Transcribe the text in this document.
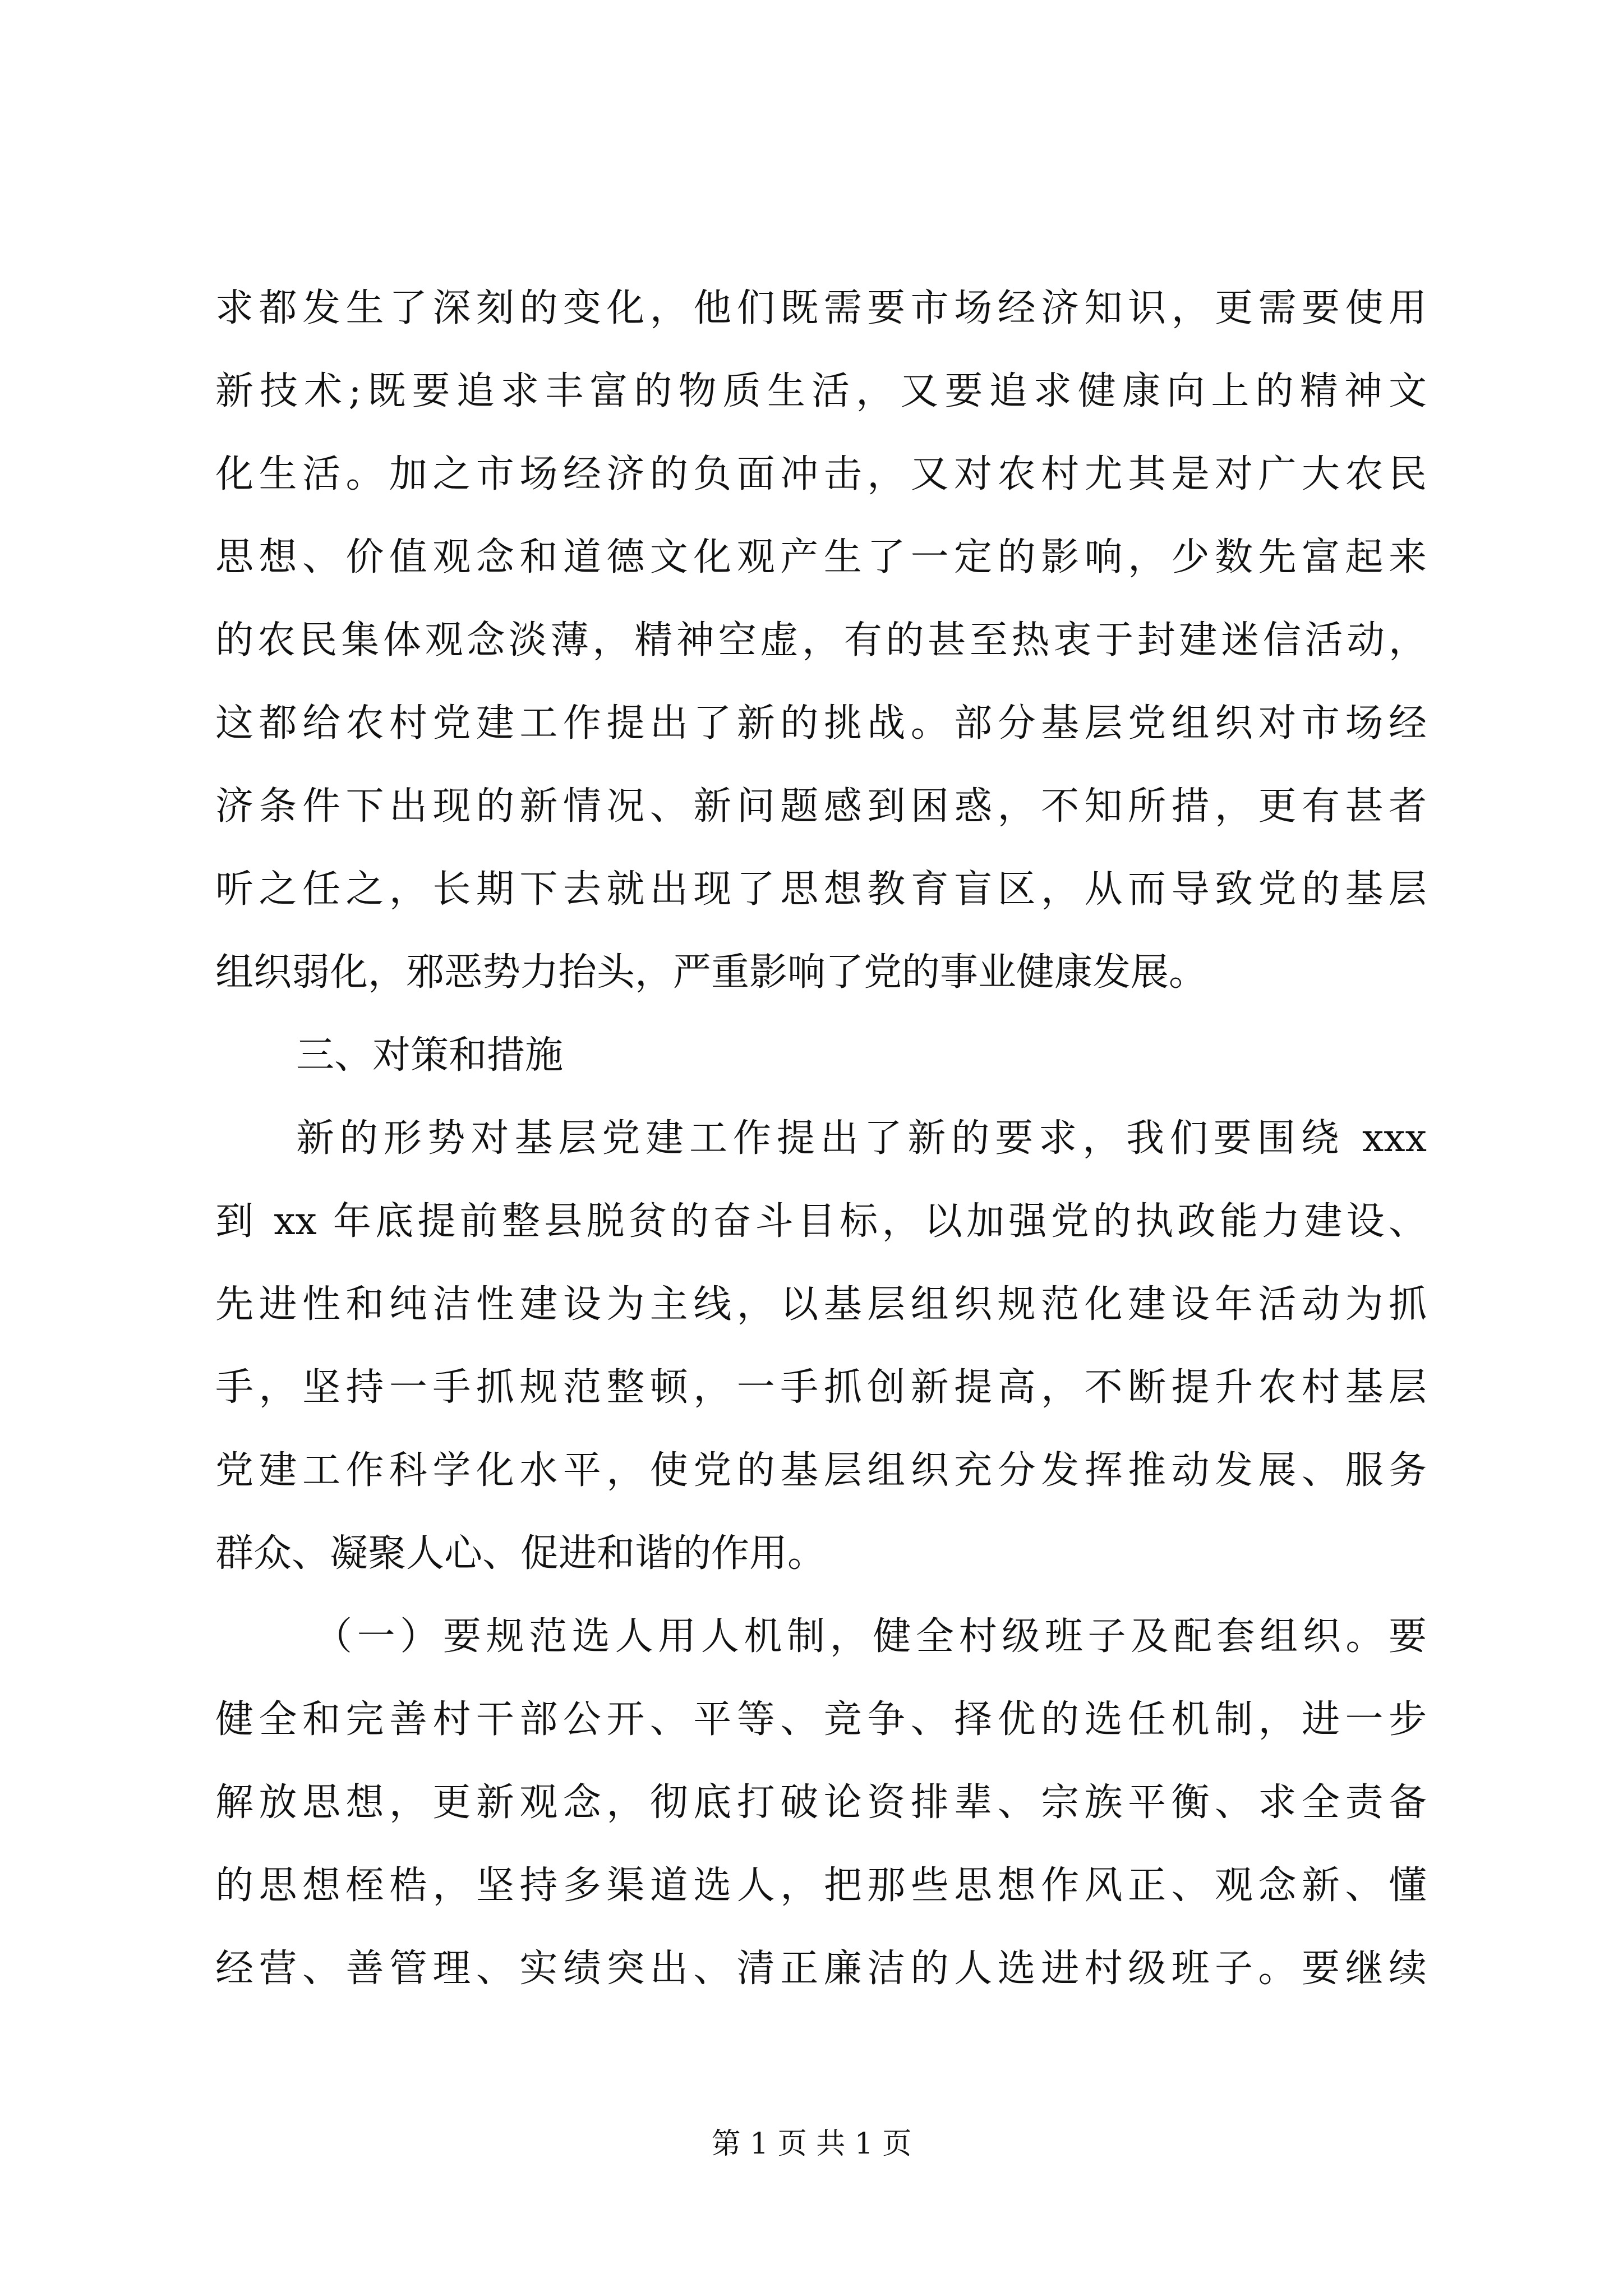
求都发生了深刻的变化，他们既需要市场经济知识，更需要使用
新技术;既要追求丰富的物质生活，又要追求健康向上的精神文
化生活。加之市场经济的负面冲击，又对农村尤其是对广大农民
思想、价值观念和道德文化观产生了一定的影响，少数先富起来
的农民集体观念淡薄，精神空虚，有的甚至热衷于封建迷信活动，
这都给农村党建工作提出了新的挑战。部分基层党组织对市场经
济条件下出现的新情况、新问题感到困惑，不知所措，更有甚者
听之任之，长期下去就出现了思想教育盲区，从而导致党的基层
组织弱化，邪恶势力抬头，严重影响了党的事业健康发展。
三、对策和措施
新的形势对基层党建工作提出了新的要求，我们要围绕 xxx
到 xx 年底提前整县脱贫的奋斗目标，以加强党的执政能力建设、
先进性和纯洁性建设为主线，以基层组织规范化建设年活动为抓
手，坚持一手抓规范整顿，一手抓创新提高，不断提升农村基层
党建工作科学化水平，使党的基层组织充分发挥推动发展、服务
群众、凝聚人心、促进和谐的作用。
（一）要规范选人用人机制，健全村级班子及配套组织。要
健全和完善村干部公开、平等、竞争、择优的选任机制，进一步
解放思想，更新观念，彻底打破论资排辈、宗族平衡、求全责备
的思想桎梏，坚持多渠道选人，把那些思想作风正、观念新、懂
经营、善管理、实绩突出、清正廉洁的人选进村级班子。要继续
第 1 页 共 1 页
